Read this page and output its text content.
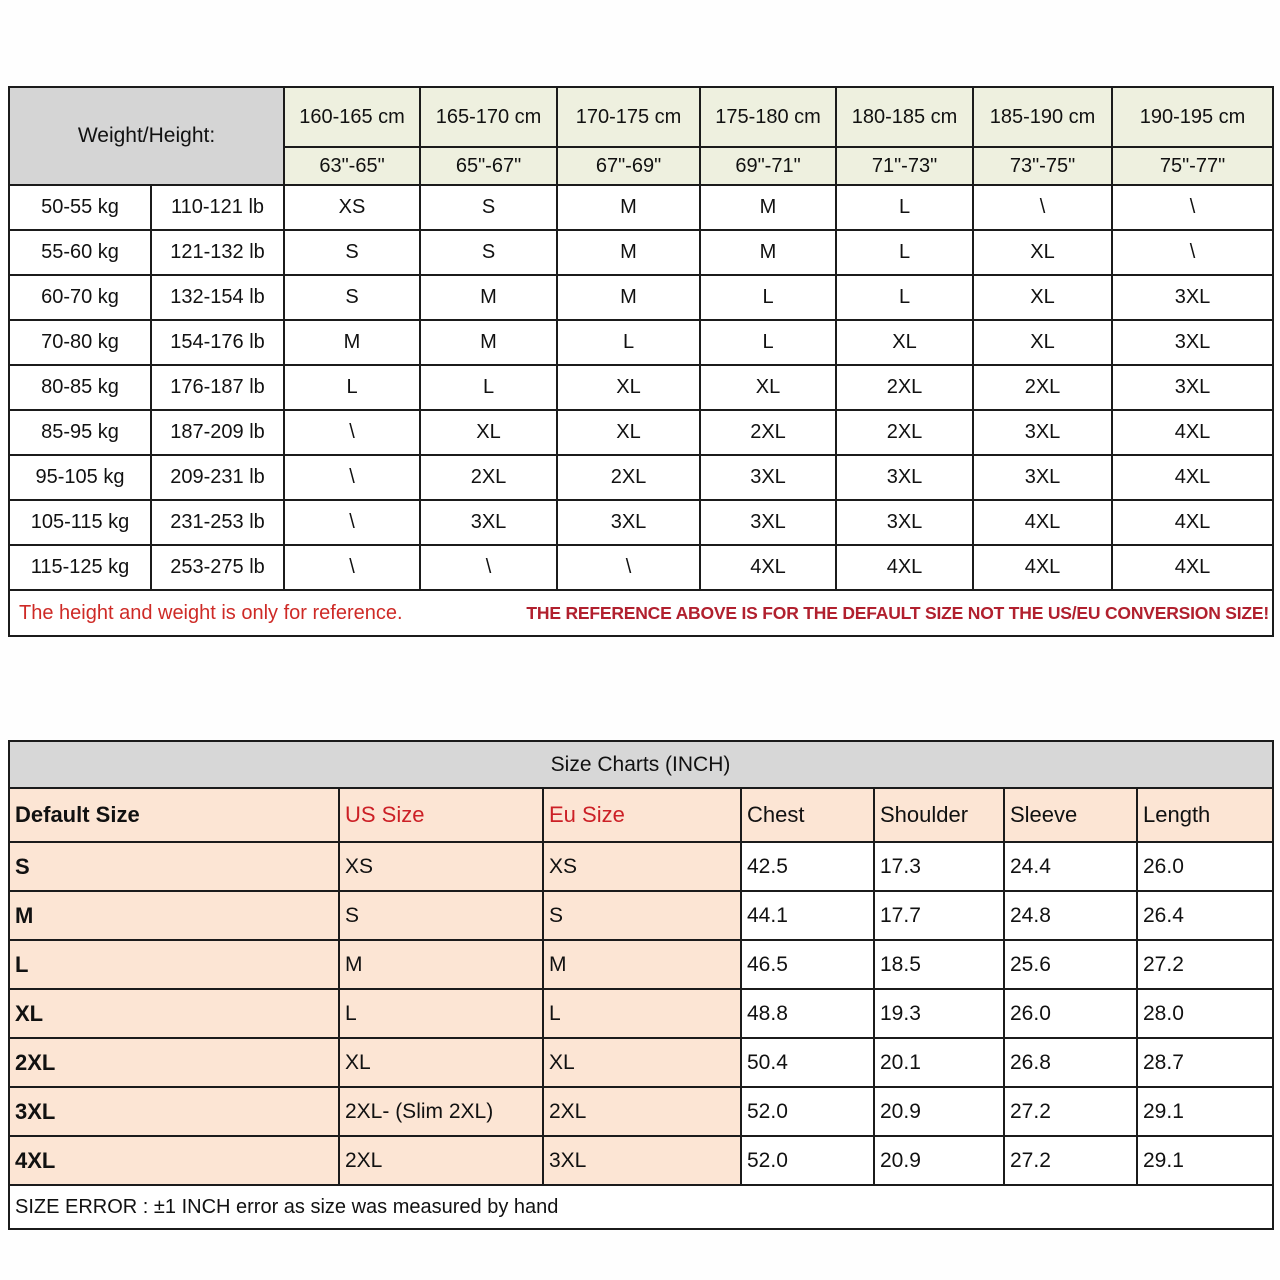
Weight/Height:		160-165 cm	165-170 cm	170-175 cm	175-180 cm	180-185 cm	185-190 cm	190-195 cm
		63"-65"	65"-67"	67"-69"	69"-71"	71"-73"	73"-75"	75"-77"
50-55 kg	110-121 lb	XS	S	M	M	L	\	\
55-60 kg	121-132 lb	S	S	M	M	L	XL	\
60-70 kg	132-154 lb	S	M	M	L	L	XL	3XL
70-80 kg	154-176 lb	M	M	L	L	XL	XL	3XL
80-85 kg	176-187 lb	L	L	XL	XL	2XL	2XL	3XL
85-95 kg	187-209 lb	\	XL	XL	2XL	2XL	3XL	4XL
95-105 kg	209-231 lb	\	2XL	2XL	3XL	3XL	3XL	4XL
105-115 kg	231-253 lb	\	3XL	3XL	3XL	3XL	4XL	4XL
115-125 kg	253-275 lb	\	\	\	4XL	4XL	4XL	4XL

The height and weight is only for reference. THE REFERENCE ABOVE IS FOR THE DEFAULT SIZE NOT THE US/EU CONVERSION SIZE!								
Size Charts (INCH)						
Default Size	US Size	Eu Size	Chest	Shoulder	Sleeve	Length
S	XS	XS	42.5	17.3	24.4	26.0
M	S	S	44.1	17.7	24.8	26.4
L	M	M	46.5	18.5	25.6	27.2
XL	L	L	48.8	19.3	26.0	28.0
2XL	XL	XL	50.4	20.1	26.8	28.7
3XL	2XL- (Slim 2XL)	2XL	52.0	20.9	27.2	29.1
4XL	2XL	3XL	52.0	20.9	27.2	29.1
SIZE ERROR : ±1 INCH error as size was measured by hand						
